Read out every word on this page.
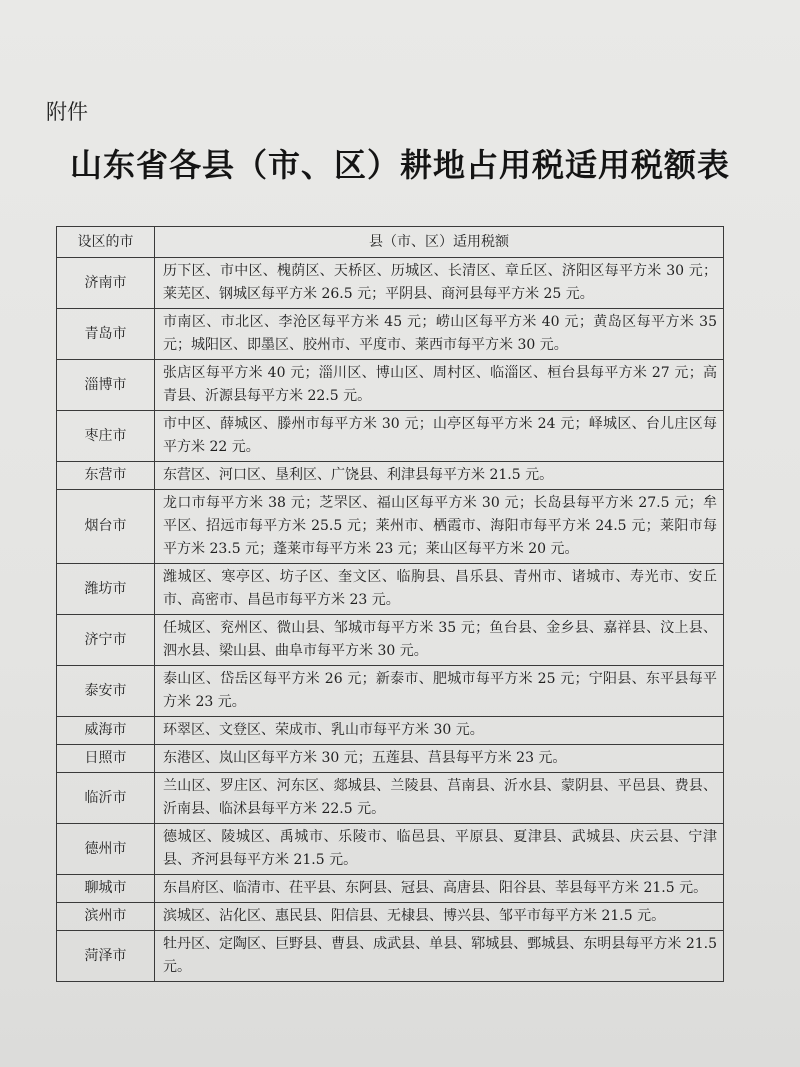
附件
山东省各县（市、区）耕地占用税适用税额表
设区的市	县（市、区）适用税额
济南市	历下区、市中区、槐荫区、天桥区、历城区、长清区、章丘区、济阳区每平方米 30 元；莱芜区、钢城区每平方米 26.5 元；平阴县、商河县每平方米 25 元。
青岛市	市南区、市北区、李沧区每平方米 45 元；崂山区每平方米 40 元；黄岛区每平方米 35 元；城阳区、即墨区、胶州市、平度市、莱西市每平方米 30 元。
淄博市	张店区每平方米 40 元；淄川区、博山区、周村区、临淄区、桓台县每平方米 27 元；高青县、沂源县每平方米 22.5 元。
枣庄市	市中区、薛城区、滕州市每平方米 30 元；山亭区每平方米 24 元；峄城区、台儿庄区每平方米 22 元。
东营市	东营区、河口区、垦利区、广饶县、利津县每平方米 21.5 元。
烟台市	龙口市每平方米 38 元；芝罘区、福山区每平方米 30 元；长岛县每平方米 27.5 元；牟平区、招远市每平方米 25.5 元；莱州市、栖霞市、海阳市每平方米 24.5 元；莱阳市每平方米 23.5 元；蓬莱市每平方米 23 元；莱山区每平方米 20 元。
潍坊市	潍城区、寒亭区、坊子区、奎文区、临朐县、昌乐县、青州市、诸城市、寿光市、安丘市、高密市、昌邑市每平方米 23 元。
济宁市	任城区、兖州区、微山县、邹城市每平方米 35 元；鱼台县、金乡县、嘉祥县、汶上县、泗水县、梁山县、曲阜市每平方米 30 元。
泰安市	泰山区、岱岳区每平方米 26 元；新泰市、肥城市每平方米 25 元；宁阳县、东平县每平方米 23 元。
威海市	环翠区、文登区、荣成市、乳山市每平方米 30 元。
日照市	东港区、岚山区每平方米 30 元；五莲县、莒县每平方米 23 元。
临沂市	兰山区、罗庄区、河东区、郯城县、兰陵县、莒南县、沂水县、蒙阴县、平邑县、费县、沂南县、临沭县每平方米 22.5 元。
德州市	德城区、陵城区、禹城市、乐陵市、临邑县、平原县、夏津县、武城县、庆云县、宁津县、齐河县每平方米 21.5 元。
聊城市	东昌府区、临清市、茌平县、东阿县、冠县、高唐县、阳谷县、莘县每平方米 21.5 元。
滨州市	滨城区、沾化区、惠民县、阳信县、无棣县、博兴县、邹平市每平方米 21.5 元。
菏泽市	牡丹区、定陶区、巨野县、曹县、成武县、单县、郓城县、鄄城县、东明县每平方米 21.5 元。
